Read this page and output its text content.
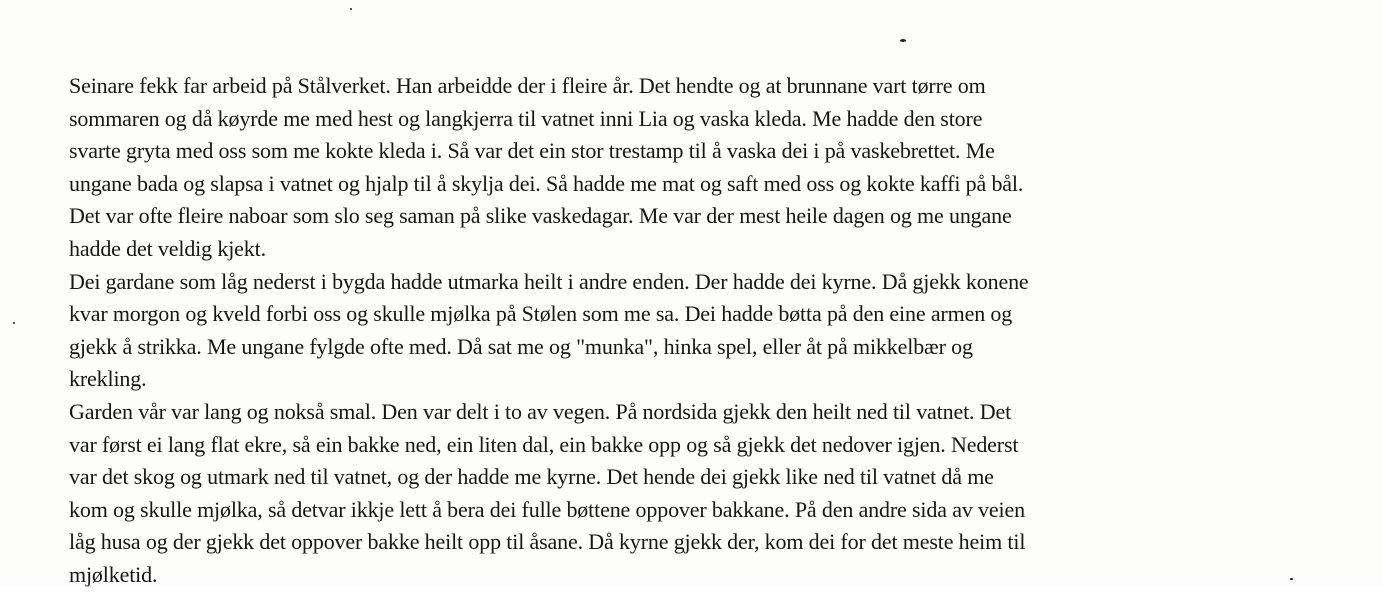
Seinare fekk far arbeid på Stålverket. Han arbeidde der i fleire år. Det hendte og at brunnane vart tørre om
sommaren og då køyrde me med hest og langkjerra til vatnet inni Lia og vaska kleda. Me hadde den store
svarte gryta med oss som me kokte kleda i. Så var det ein stor trestamp til å vaska dei i på vaskebrettet. Me
ungane bada og slapsa i vatnet og hjalp til å skylja dei. Så hadde me mat og saft med oss og kokte kaffi på bål.
Det var ofte fleire naboar som slo seg saman på slike vaskedagar. Me var der mest heile dagen og me ungane
hadde det veldig kjekt.
Dei gardane som låg nederst i bygda hadde utmarka heilt i andre enden. Der hadde dei kyrne. Då gjekk konene
kvar morgon og kveld forbi oss og skulle mjølka på Stølen som me sa. Dei hadde bøtta på den eine armen og
gjekk å strikka. Me ungane fylgde ofte med. Då sat me og "munka", hinka spel, eller åt på mikkelbær og
krekling.
Garden vår var lang og nokså smal. Den var delt i to av vegen. På nordsida gjekk den heilt ned til vatnet. Det
var først ei lang flat ekre, så ein bakke ned, ein liten dal, ein bakke opp og så gjekk det nedover igjen. Nederst
var det skog og utmark ned til vatnet, og der hadde me kyrne. Det hende dei gjekk like ned til vatnet då me
kom og skulle mjølka, så detvar ikkje lett å bera dei fulle bøttene oppover bakkane. På den andre sida av veien
låg husa og der gjekk det oppover bakke heilt opp til åsane. Då kyrne gjekk der, kom dei for det meste heim til
mjølketid.
